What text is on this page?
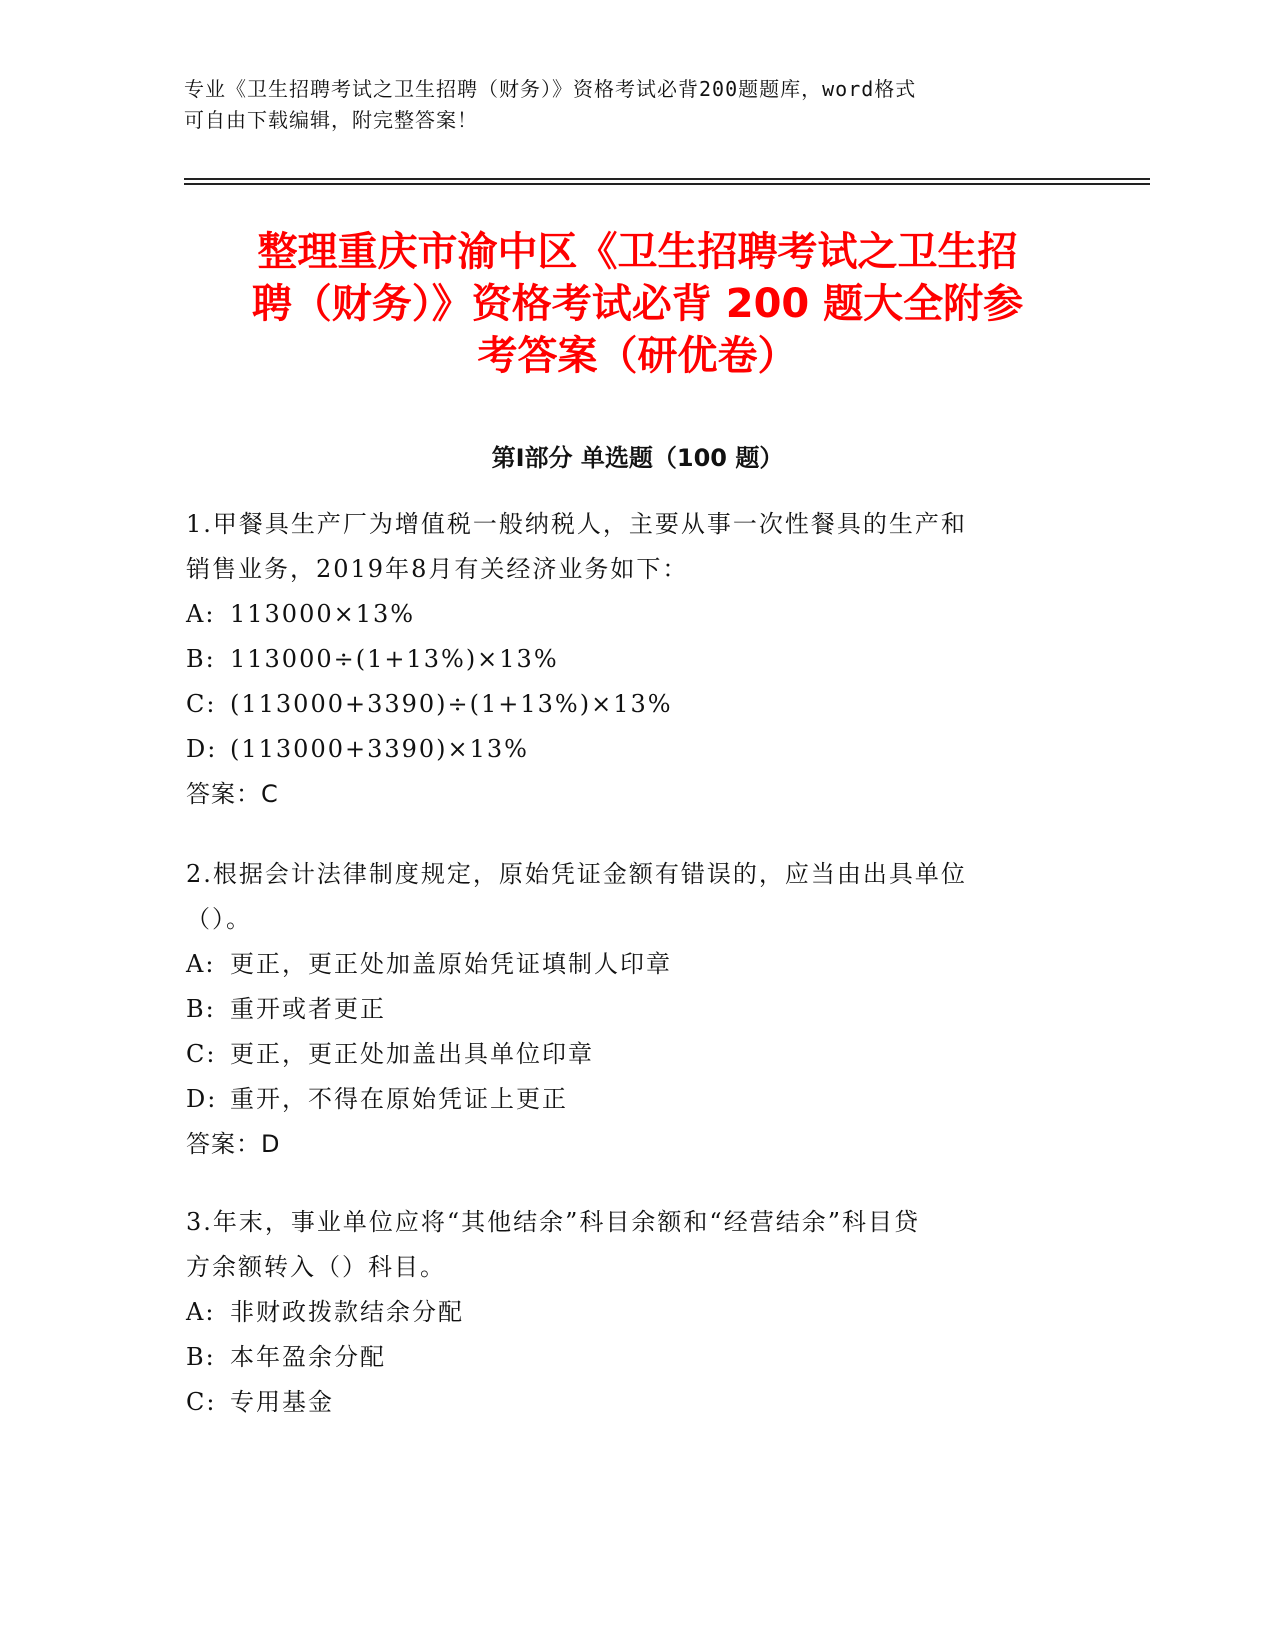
专业《卫生招聘考试之卫生招聘（财务）》资格考试必背200题题库，word格式
可自由下载编辑，附完整答案！
整理重庆市渝中区《卫生招聘考试之卫生招
聘（财务）》资格考试必背 200 题大全附参
考答案（研优卷）
第Ⅰ部分 单选题（100 题）
1.甲餐具生产厂为增值税一般纳税人，主要从事一次性餐具的生产和
销售业务，2019年8月有关经济业务如下：
A: 113000×13%
B: 113000÷(1+13%)×13%
C: (113000+3390)÷(1+13%)×13%
D: (113000+3390)×13%
答案：C
2.根据会计法律制度规定，原始凭证金额有错误的，应当由出具单位
（）。
A: 更正，更正处加盖原始凭证填制人印章
B: 重开或者更正
C: 更正，更正处加盖出具单位印章
D: 重开，不得在原始凭证上更正
答案：D
3.年末，事业单位应将“其他结余”科目余额和“经营结余”科目贷
方余额转入（）科目。
A: 非财政拨款结余分配
B: 本年盈余分配
C: 专用基金
